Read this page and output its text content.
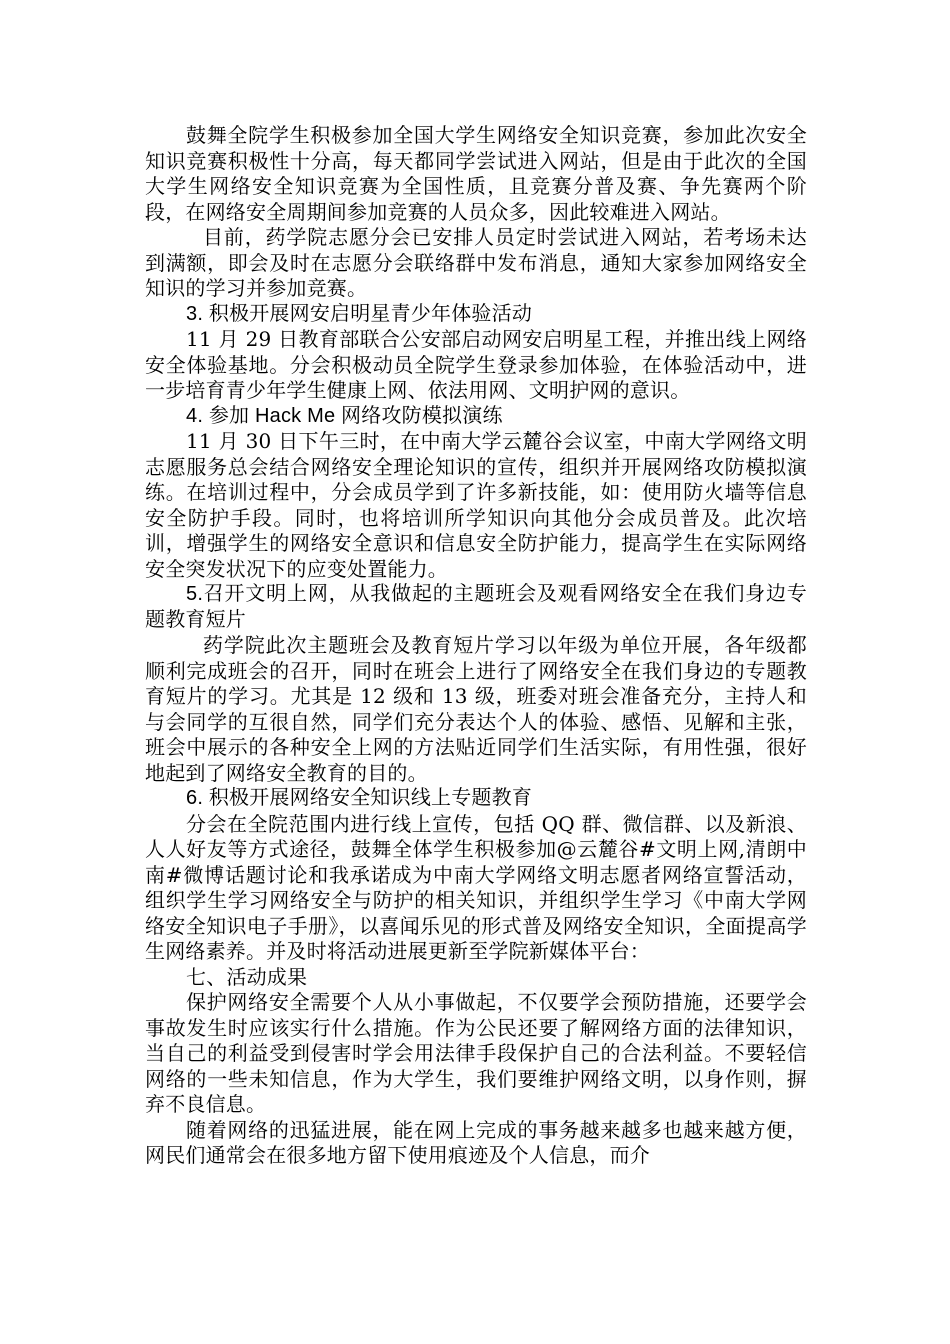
鼓舞全院学生积极参加全国大学生网络安全知识竞赛，参加此次安全知识竞赛积极性十分高，每天都同学尝试进入网站，但是由于此次的全国大学生网络安全知识竞赛为全国性质，且竞赛分普及赛、争先赛两个阶段，在网络安全周期间参加竞赛的人员众多，因此较难进入网站。

目前，药学院志愿分会已安排人员定时尝试进入网站，若考场未达到满额，即会及时在志愿分会联络群中发布消息，通知大家参加网络安全知识的学习并参加竞赛。

3. 积极开展网安启明星青少年体验活动

11 月 29 日教育部联合公安部启动网安启明星工程，并推出线上网络安全体验基地。分会积极动员全院学生登录参加体验，在体验活动中，进一步培育青少年学生健康上网、依法用网、文明护网的意识。

4. 参加 Hack Me 网络攻防模拟演练

11 月 30 日下午三时，在中南大学云麓谷会议室，中南大学网络文明志愿服务总会结合网络安全理论知识的宣传，组织并开展网络攻防模拟演练。在培训过程中，分会成员学到了许多新技能，如：使用防火墙等信息安全防护手段。同时，也将培训所学知识向其他分会成员普及。此次培训，增强学生的网络安全意识和信息安全防护能力，提高学生在实际网络安全突发状况下的应变处置能力。

5.召开文明上网，从我做起的主题班会及观看网络安全在我们身边专题教育短片

药学院此次主题班会及教育短片学习以年级为单位开展，各年级都顺利完成班会的召开，同时在班会上进行了网络安全在我们身边的专题教育短片的学习。尤其是 12 级和 13 级，班委对班会准备充分，主持人和与会同学的互很自然，同学们充分表达个人的体验、感悟、见解和主张，班会中展示的各种安全上网的方法贴近同学们生活实际，有用性强，很好地起到了网络安全教育的目的。

6. 积极开展网络安全知识线上专题教育

分会在全院范围内进行线上宣传，包括 QQ 群、微信群、以及新浪、人人好友等方式途径，鼓舞全体学生积极参加@云麓谷#文明上网,清朗中南#微博话题讨论和我承诺成为中南大学网络文明志愿者网络宣誓活动，组织学生学习网络安全与防护的相关知识，并组织学生学习《中南大学网络安全知识电子手册》，以喜闻乐见的形式普及网络安全知识，全面提高学生网络素养。并及时将活动进展更新至学院新媒体平台：

七、活动成果

保护网络安全需要个人从小事做起，不仅要学会预防措施，还要学会事故发生时应该实行什么措施。作为公民还要了解网络方面的法律知识，当自己的利益受到侵害时学会用法律手段保护自己的合法利益。不要轻信网络的一些未知信息，作为大学生，我们要维护网络文明，以身作则，摒弃不良信息。

随着网络的迅猛进展，能在网上完成的事务越来越多也越来越方便，网民们通常会在很多地方留下使用痕迹及个人信息，而介
